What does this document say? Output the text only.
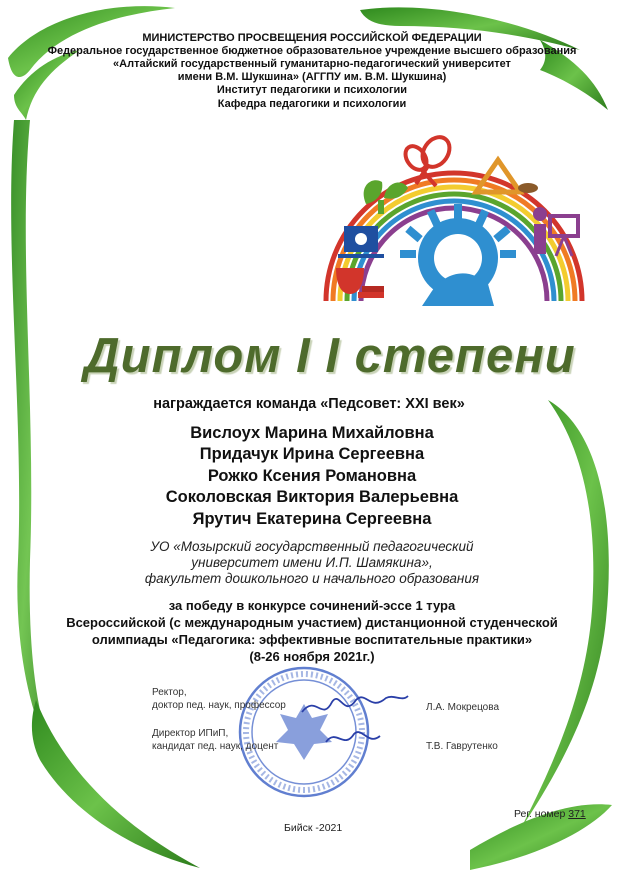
МИНИСТЕРСТВО ПРОСВЕЩЕНИЯ РОССИЙСКОЙ ФЕДЕРАЦИИ
Федеральное государственное бюджетное образовательное учреждение высшего образования
«Алтайский государственный гуманитарно-педагогический университет
имени В.М. Шукшина» (АГГПУ им. В.М. Шукшина)
Институт педагогики и психологии
Кафедра педагогики и психологии
Диплом I I степени
награждается команда «Педсовет: XXI век»
Вислоух Марина Михайловна
Придачук Ирина Сергеевна
Рожко Ксения Романовна
Соколовская Виктория Валерьевна
Ярутич Екатерина Сергеевна
УО «Мозырский государственный педагогический
университет имени И.П. Шамякина»,
факультет дошкольного и начального образования
за победу в конкурсе сочинений-эссе 1 тура
Всероссийской (с международным участием) дистанционной студенческой
олимпиады «Педагогика: эффективные воспитательные практики»
(8-26 ноября 2021г.)
Ректор,
доктор пед. наук, профессор	Л.А. Мокрецова
Директор ИПиП,
кандидат пед. наук, доцент	Т.В. Гаврутенко
Рег. номер 371
Бийск -2021
